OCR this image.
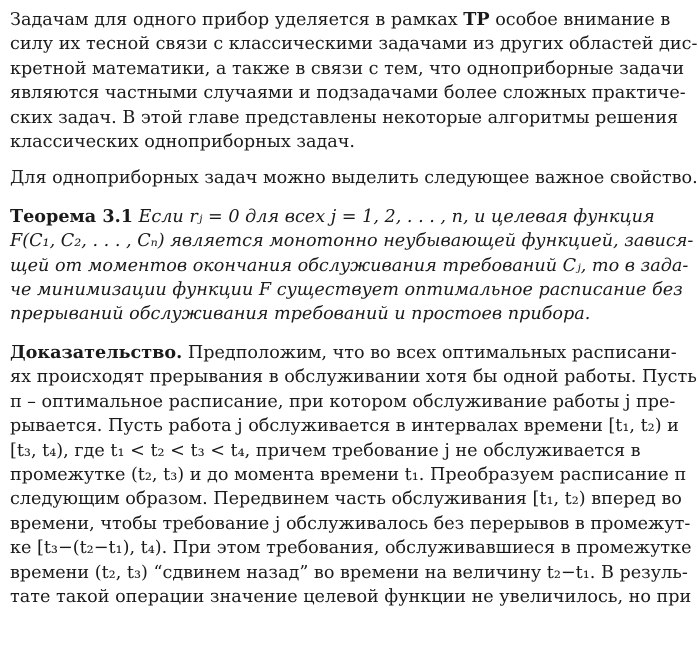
Задачам для одного прибор уделяется в рамках TP особое внимание в
силу их тесной связи с классическими задачами из других областей дис-
кретной математики, а также в связи с тем, что одноприборные задачи
являются частными случаями и подзадачами более сложных практиче-
ских задач. В этой главе представлены некоторые алгоритмы решения
классических одноприборных задач.

Для одноприборных задач можно выделить следующее важное свойство.

Теорема 3.1 Если rⱼ = 0 для всех j = 1, 2, . . . , n, и целевая функция
F(C₁, C₂, . . . , Cₙ) является монотонно неубывающей функцией, завися-
щей от моментов окончания обслуживания требований Cⱼ, то в зада-
че минимизации функции F существует оптимальное расписание без
прерываний обслуживания требований и простоев прибора.

Доказательство. Предположим, что во всех оптимальных расписани-
ях происходят прерывания в обслуживании хотя бы одной работы. Пусть
π – оптимальное расписание, при котором обслуживание работы j пре-
рывается. Пусть работа j обслуживается в интервалах времени [t₁, t₂) и
[t₃, t₄), где t₁ < t₂ < t₃ < t₄, причем требование j не обслуживается в
промежутке (t₂, t₃) и до момента времени t₁. Преобразуем расписание π
следующим образом. Передвинем часть обслуживания [t₁, t₂) вперед во
времени, чтобы требование j обслуживалось без перерывов в промежут-
ке [t₃−(t₂−t₁), t₄). При этом требования, обслуживавшиеся в промежутке
времени (t₂, t₃) “сдвинем назад” во времени на величину t₂−t₁. В резуль-
тате такой операции значение целевой функции не увеличилось, но при
